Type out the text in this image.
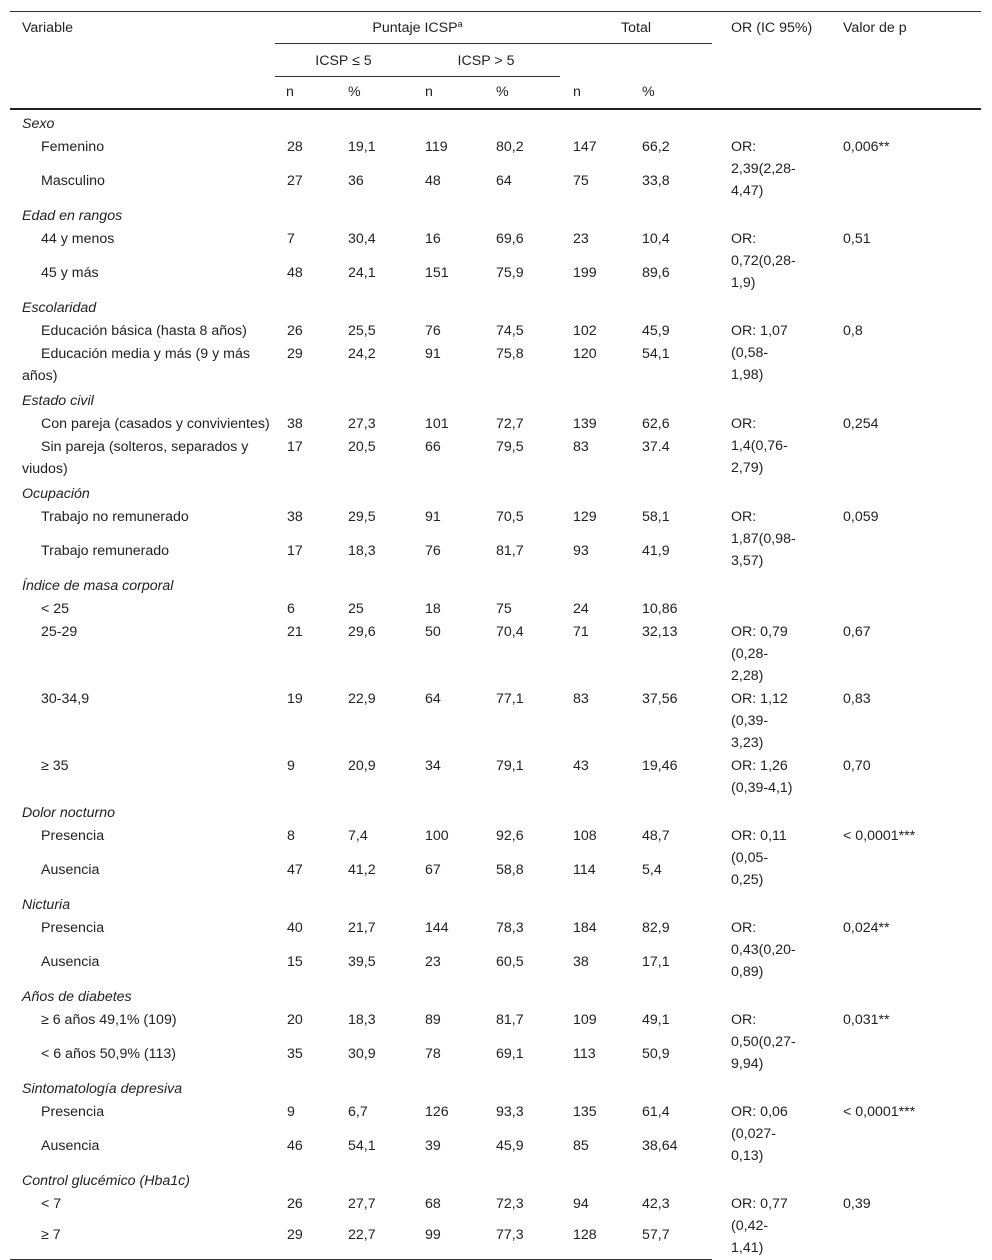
Variable	Puntaje ICSP$^a$				Total		OR (IC 95%)	Valor de p
	ICSP ≤ 5		ICSP > 5					
	n	%	n	%	n	%		
Sexo								
Femenino	28	19,1	119	80,2	147	66,2	OR: 2,39(2,28-4,47)	0,006**
Masculino	27	36	48	64	75	33,8		
Edad en rangos								
44 y menos	7	30,4	16	69,6	23	10,4	OR: 0,72(0,28-1,9)	0,51
45 y más	48	24,1	151	75,9	199	89,6		
Escolaridad								
Educación básica (hasta 8 años)	26	25,5	76	74,5	102	45,9	OR: 1,07 (0,58-1,98)	0,8
Educación media y más (9 y más años)	29	24,2	91	75,8	120	54,1		
Estado civil								
Con pareja (casados y convivientes)	38	27,3	101	72,7	139	62,6	OR: 1,4(0,76-2,79)	0,254
Sin pareja (solteros, separados y viudos)	17	20,5	66	79,5	83	37.4		
Ocupación								
Trabajo no remunerado	38	29,5	91	70,5	129	58,1	OR: 1,87(0,98-3,57)	0,059
Trabajo remunerado	17	18,3	76	81,7	93	41,9		
Índice de masa corporal								
< 25	6	25	18	75	24	10,86		
25-29	21	29,6	50	70,4	71	32,13	OR: 0,79 (0,28-2,28)	0,67
30-34,9	19	22,9	64	77,1	83	37,56	OR: 1,12 (0,39-3,23)	0,83
≥ 35	9	20,9	34	79,1	43	19,46	OR: 1,26 (0,39-4,1)	0,70
Dolor nocturno								
Presencia	8	7,4	100	92,6	108	48,7	OR: 0,11 (0,05-0,25)	< 0,0001***
Ausencia	47	41,2	67	58,8	114	5,4		
Nicturia								
Presencia	40	21,7	144	78,3	184	82,9	OR: 0,43(0,20-0,89)	0,024**
Ausencia	15	39,5	23	60,5	38	17,1		
Años de diabetes								
≥ 6 años 49,1% (109)	20	18,3	89	81,7	109	49,1	OR: 0,50(0,27-9,94)	0,031**
< 6 años 50,9% (113)	35	30,9	78	69,1	113	50,9		
Sintomatología depresiva								
Presencia	9	6,7	126	93,3	135	61,4	OR: 0,06 (0,027-0,13)	< 0,0001***
Ausencia	46	54,1	39	45,9	85	38,64		
Control glucémico (Hba1c)								
< 7	26	27,7	68	72,3	94	42,3	OR: 0,77 (0,42-1,41)	0,39
≥ 7	29	22,7	99	77,3	128	57,7		
